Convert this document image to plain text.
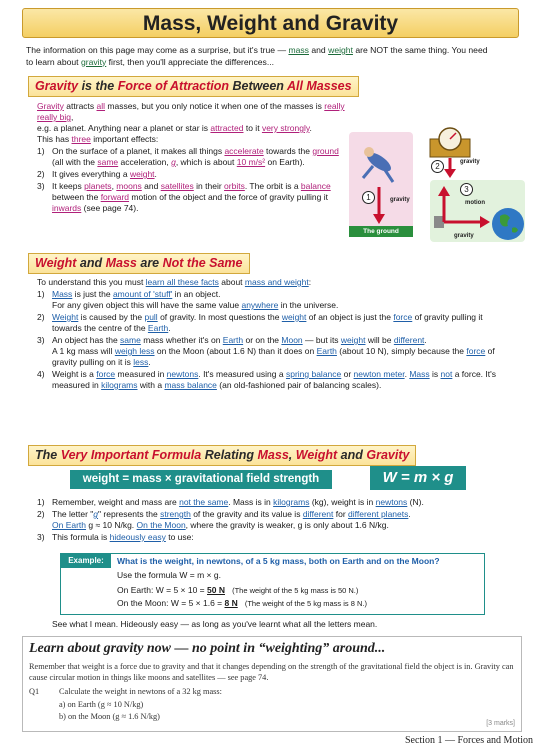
Mass, Weight and Gravity
The information on this page may come as a surprise, but it's true — mass and weight are NOT the same thing. You need to learn about gravity first, then you'll appreciate the differences...
Gravity is the Force of Attraction Between All Masses
Gravity attracts all masses, but you only notice it when one of the masses is really really big,
e.g. a planet. Anything near a planet or star is attracted to it very strongly.
This has three important effects:
1) On the surface of a planet, it makes all things accelerate towards the ground (all with the same acceleration, g, which is about 10 m/s² on Earth).
2) It gives everything a weight.
3) It keeps planets, moons and satellites in their orbits. The orbit is a balance between the forward motion of the object and the force of gravity pulling it inwards (see page 74).
1	gravity
The ground
2	gravity
3
motion
gravity
Weight and Mass are Not the Same
To understand this you must learn all these facts about mass and weight:
1) Mass is just the amount of 'stuff' in an object.
For any given object this will have the same value anywhere in the universe.
2) Weight is caused by the pull of gravity. In most questions the weight of an object is just the force of gravity pulling it towards the centre of the Earth.
3) An object has the same mass whether it's on Earth or on the Moon — but its weight will be different.
A 1 kg mass will weigh less on the Moon (about 1.6 N) than it does on Earth (about 10 N), simply because the force of gravity pulling on it is less.
4) Weight is a force measured in newtons. It's measured using a spring balance or newton meter. Mass is not a force. It's measured in kilograms with a mass balance (an old-fashioned pair of balancing scales).
The Very Important Formula Relating Mass, Weight and Gravity
weight = mass × gravitational field strength	W = m × g
1) Remember, weight and mass are not the same. Mass is in kilograms (kg), weight is in newtons (N).
2) The letter "g" represents the strength of the gravity and its value is different for different planets.
On Earth g ≈ 10 N/kg. On the Moon, where the gravity is weaker, g is only about 1.6 N/kg.
3) This formula is hideously easy to use:
Example:	What is the weight, in newtons, of a 5 kg mass, both on Earth and on the Moon?
Use the formula W = m × g.
On Earth: W = 5 × 10 = 50 N (The weight of the 5 kg mass is 50 N.)
On the Moon: W = 5 × 1.6 = 8 N (The weight of the 5 kg mass is 8 N.)
See what I mean. Hideously easy — as long as you've learnt what all the letters mean.
Learn about gravity now — no point in “weighting” around...
Remember that weight is a force due to gravity and that it changes depending on the strength of the gravitational field the object is in. Gravity can cause circular motion in things like moons and satellites — see page 74.
Q1 Calculate the weight in newtons of a 32 kg mass:
a) on Earth (g ≈ 10 N/kg)
b) on the Moon (g ≈ 1.6 N/kg)
[3 marks]
Section 1 — Forces and Motion
